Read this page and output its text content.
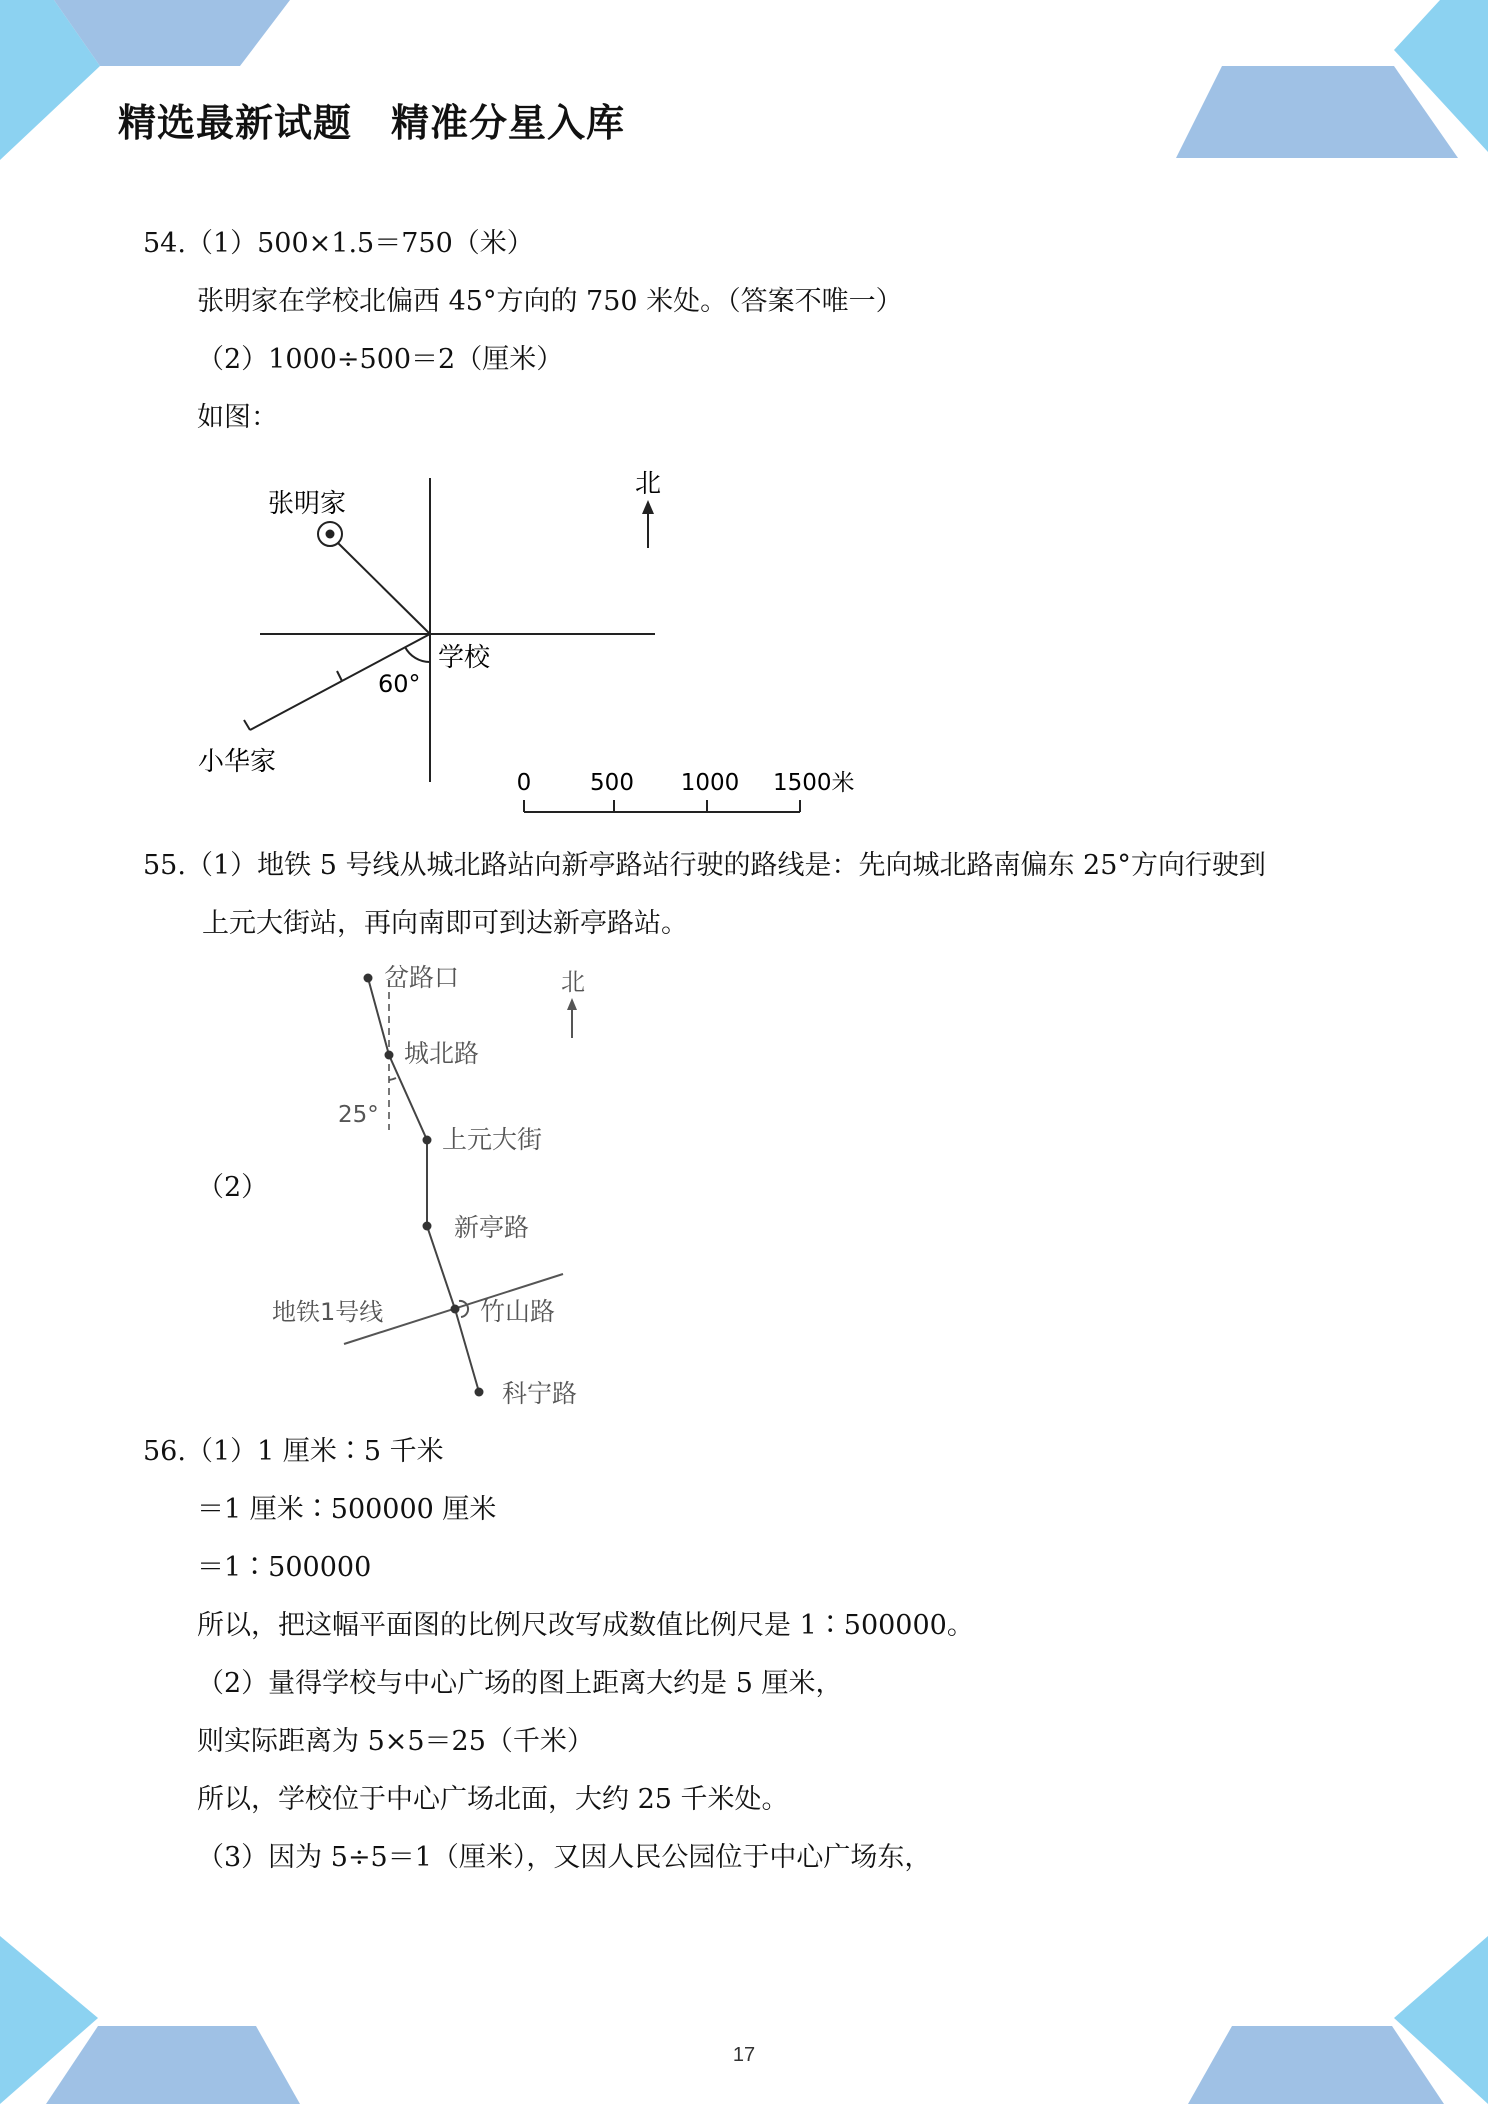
精选最新试题　精准分星入库
54.（1）500×1.5＝750（米）
张明家在学校北偏西 45°方向的 750 米处。（答案不唯一）
（2）1000÷500＝2（厘米）
如图：
北
张明家
小华家
60°
学校
0	500 1000 1500米
55.（1）地铁 5 号线从城北路站向新亭路站行驶的路线是：先向城北路南偏东 25°方向行驶到
上元大街站，再向南即可到达新亭路站。
（2）
北
25°
岔路口
城北路
上元大街
新亭路
竹山路
科宁路
地铁1号线
56.（1）1 厘米∶5 千米
＝1 厘米∶500000 厘米
＝1∶500000
所以，把这幅平面图的比例尺改写成数值比例尺是 1∶500000。
（2）量得学校与中心广场的图上距离大约是 5 厘米，
则实际距离为 5×5＝25（千米）
所以，学校位于中心广场北面，大约 25 千米处。
（3）因为 5÷5＝1（厘米），又因人民公园位于中心广场东，
17
